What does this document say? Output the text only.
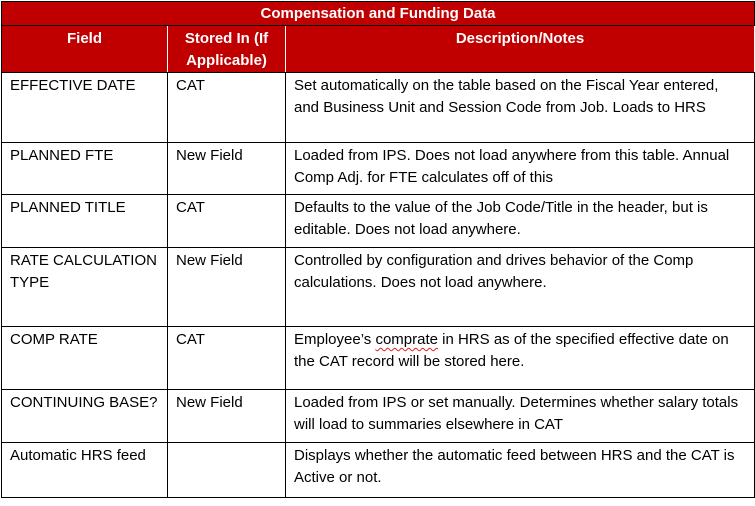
Compensation and Funding Data		
Field	Stored In (If Applicable)	Description/Notes
EFFECTIVE DATE	CAT	Set automatically on the table based on the Fiscal Year entered, and Business Unit and Session Code from Job. Loads to HRS
PLANNED FTE	New Field	Loaded from IPS. Does not load anywhere from this table. Annual Comp Adj. for FTE calculates off of this
PLANNED TITLE	CAT	Defaults to the value of the Job Code/Title in the header, but is editable. Does not load anywhere.
RATE CALCULATION TYPE	New Field	Controlled by configuration and drives behavior of the Comp calculations. Does not load anywhere.
COMP RATE	CAT	Employee’s comprate in HRS as of the specified effective date on the CAT record will be stored here.
CONTINUING BASE?	New Field	Loaded from IPS or set manually. Determines whether salary totals will load to summaries elsewhere in CAT
Automatic HRS feed		Displays whether the automatic feed between HRS and the CAT is Active or not.
